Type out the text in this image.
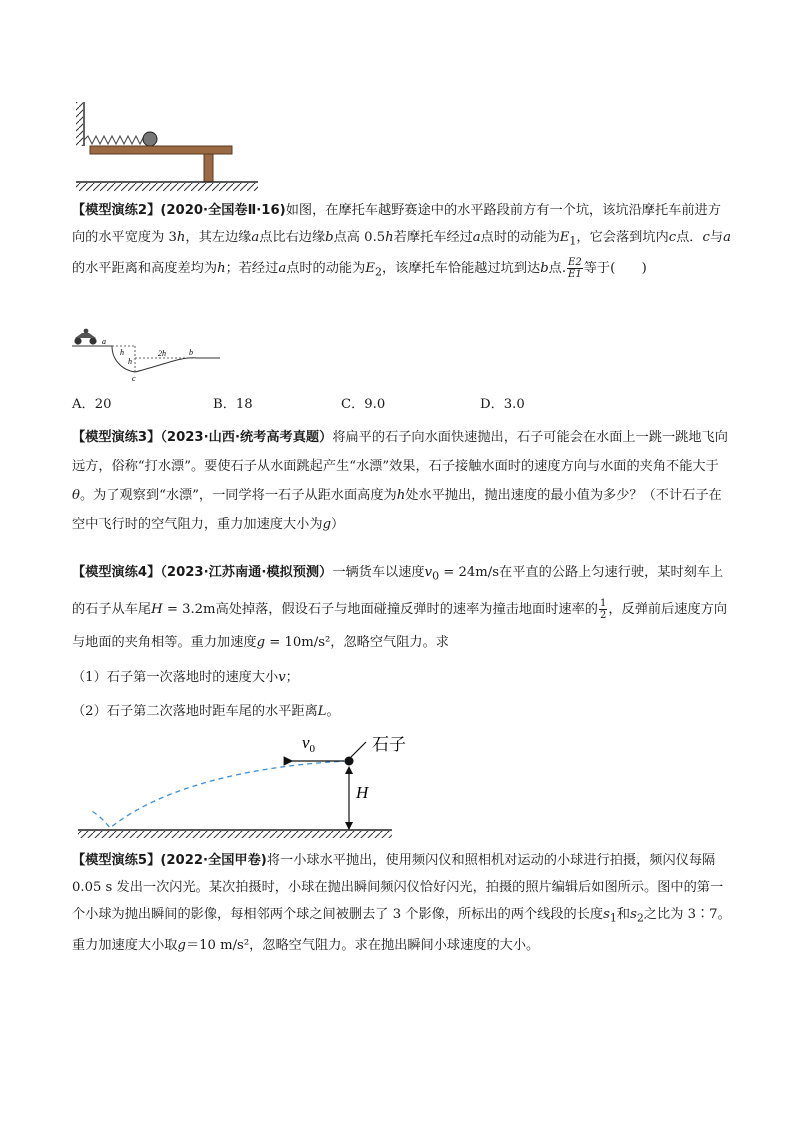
【模型演练2】(2020·全国卷Ⅱ·16)如图，在摩托车越野赛途中的水平路段前方有一个坑，该坑沿摩托车前进方向的水平宽度为 3h，其左边缘a点比右边缘b点高 0.5h若摩托车经过a点时的动能为$E_1$，它会落到坑内c点．c与a的水平距离和高度差均为h；若经过a点时的动能为$E_2$，该摩托车恰能越过坑到达b点. $\frac{E2}{E1}$ 等于(　　)
a
h
h
2h	b
c
A．20	B．18	C．9.0	D．3.0
【模型演练3】（2023·山西·统考高考真题）将扁平的石子向水面快速抛出，石子可能会在水面上一跳一跳地飞向远方，俗称“打水漂”。要使石子从水面跳起产生“水漂”效果，石子接触水面时的速度方向与水面的夹角不能大于θ。为了观察到“水漂”，一同学将一石子从距水面高度为h处水平抛出，抛出速度的最小值为多少？（不计石子在空中飞行时的空气阻力，重力加速度大小为g）
【模型演练4】（2023·江苏南通·模拟预测）一辆货车以速度$v_0 = 24m/s$在平直的公路上匀速行驶，某时刻车上的石子从车尾H = 3.2m高处掉落，假设石子与地面碰撞反弹时的速率为撞击地面时速率的 $\frac{1}{2}$ ，反弹前后速度方向与地面的夹角相等。重力加速度g = 10m/s²，忽略空气阻力。求
（1）石子第一次落地时的速度大小v；
（2）石子第二次落地时距车尾的水平距离L。
$v_0$	石子
H
【模型演练5】(2022·全国甲卷)将一小球水平抛出，使用频闪仪和照相机对运动的小球进行拍摄，频闪仪每隔 0.05 s 发出一次闪光。某次拍摄时，小球在抛出瞬间频闪仪恰好闪光，拍摄的照片编辑后如图所示。图中的第一个小球为抛出瞬间的影像，每相邻两个球之间被删去了 3 个影像，所标出的两个线段的长度$s_1$和$s_2$之比为 3∶7。重力加速度大小取g＝10 m/s²，忽略空气阻力。求在抛出瞬间小球速度的大小。
